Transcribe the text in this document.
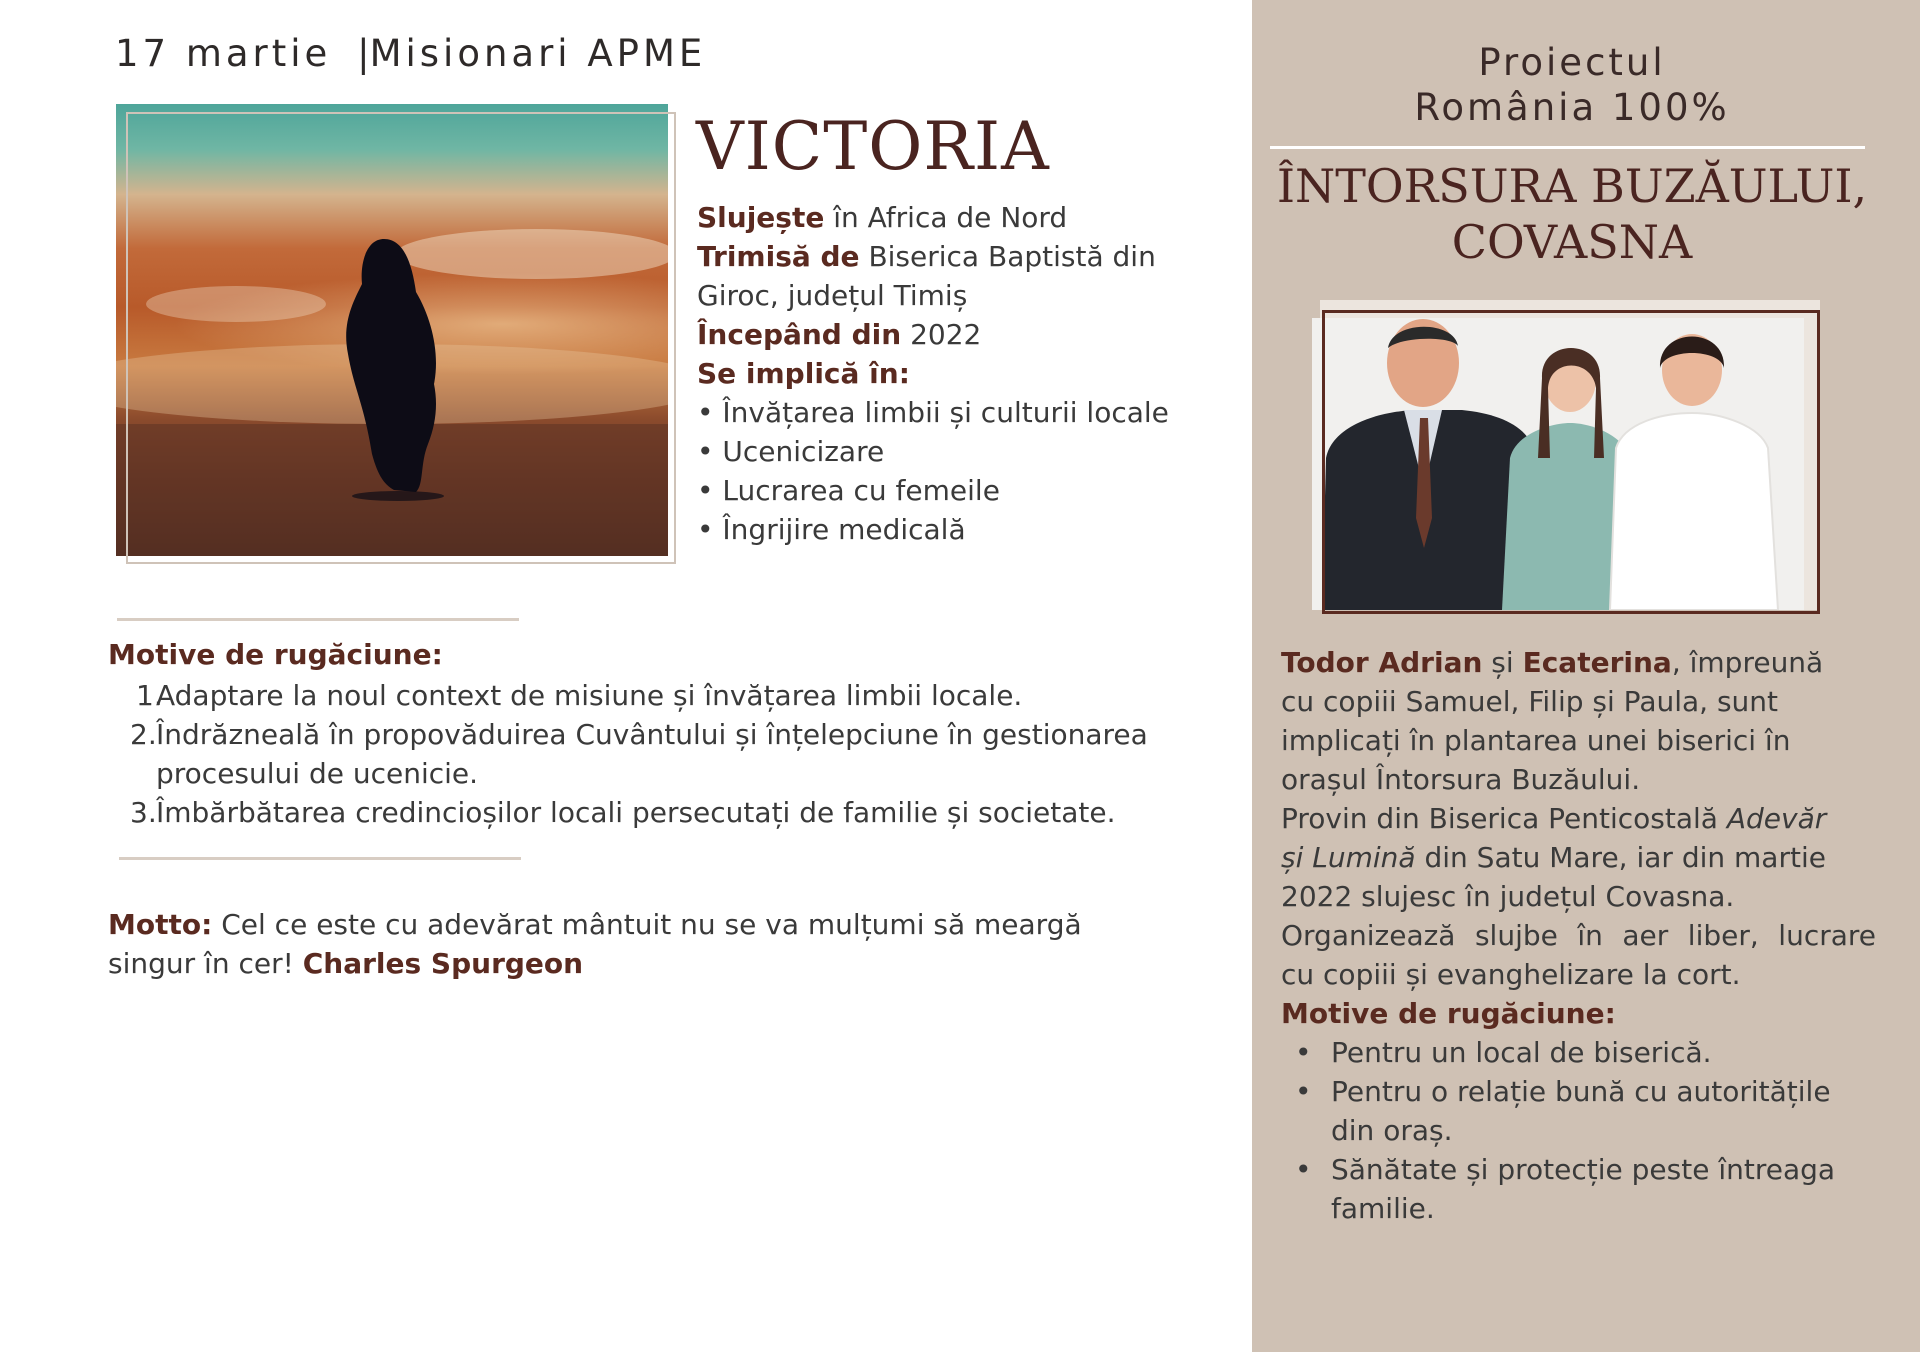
17 martie |Misionari APME
VICTORIA
Slujește în Africa de Nord
Trimisă de Biserica Baptistă din
Giroc, județul Timiș
Începând din 2022
Se implică în:
• Învățarea limbii și culturii locale
• Ucenicizare
• Lucrarea cu femeile
• Îngrijire medicală
Motive de rugăciune:
1.
Adaptare la noul context de misiune și învățarea limbii locale.
2. Îndrăzneală în propovăduirea Cuvântului și înțelepciune în gestionarea
procesului de ucenicie.
3. Îmbărbătarea credincioșilor locali persecutați de familie și societate.
Motto: Cel ce este cu adevărat mântuit nu se va mulțumi să meargă
singur în cer! Charles Spurgeon
Proiectul
România 100%
ÎNTORSURA BUZĂULUI,
COVASNA
Todor Adrian și Ecaterina, împreună
cu copiii Samuel, Filip și Paula, sunt
implicați în plantarea unei biserici în
orașul Întorsura Buzăului.
Provin din Biserica Penticostală Adevăr
și Lumină din Satu Mare, iar din martie
2022 slujesc în județul Covasna.
Organizează slujbe în aer liber, lucrare
cu copiii și evanghelizare la cort.
Motive de rugăciune:
• Pentru un local de biserică.
• Pentru o relație bună cu autoritățile
din oraș.
• Sănătate și protecție peste întreaga
familie.
